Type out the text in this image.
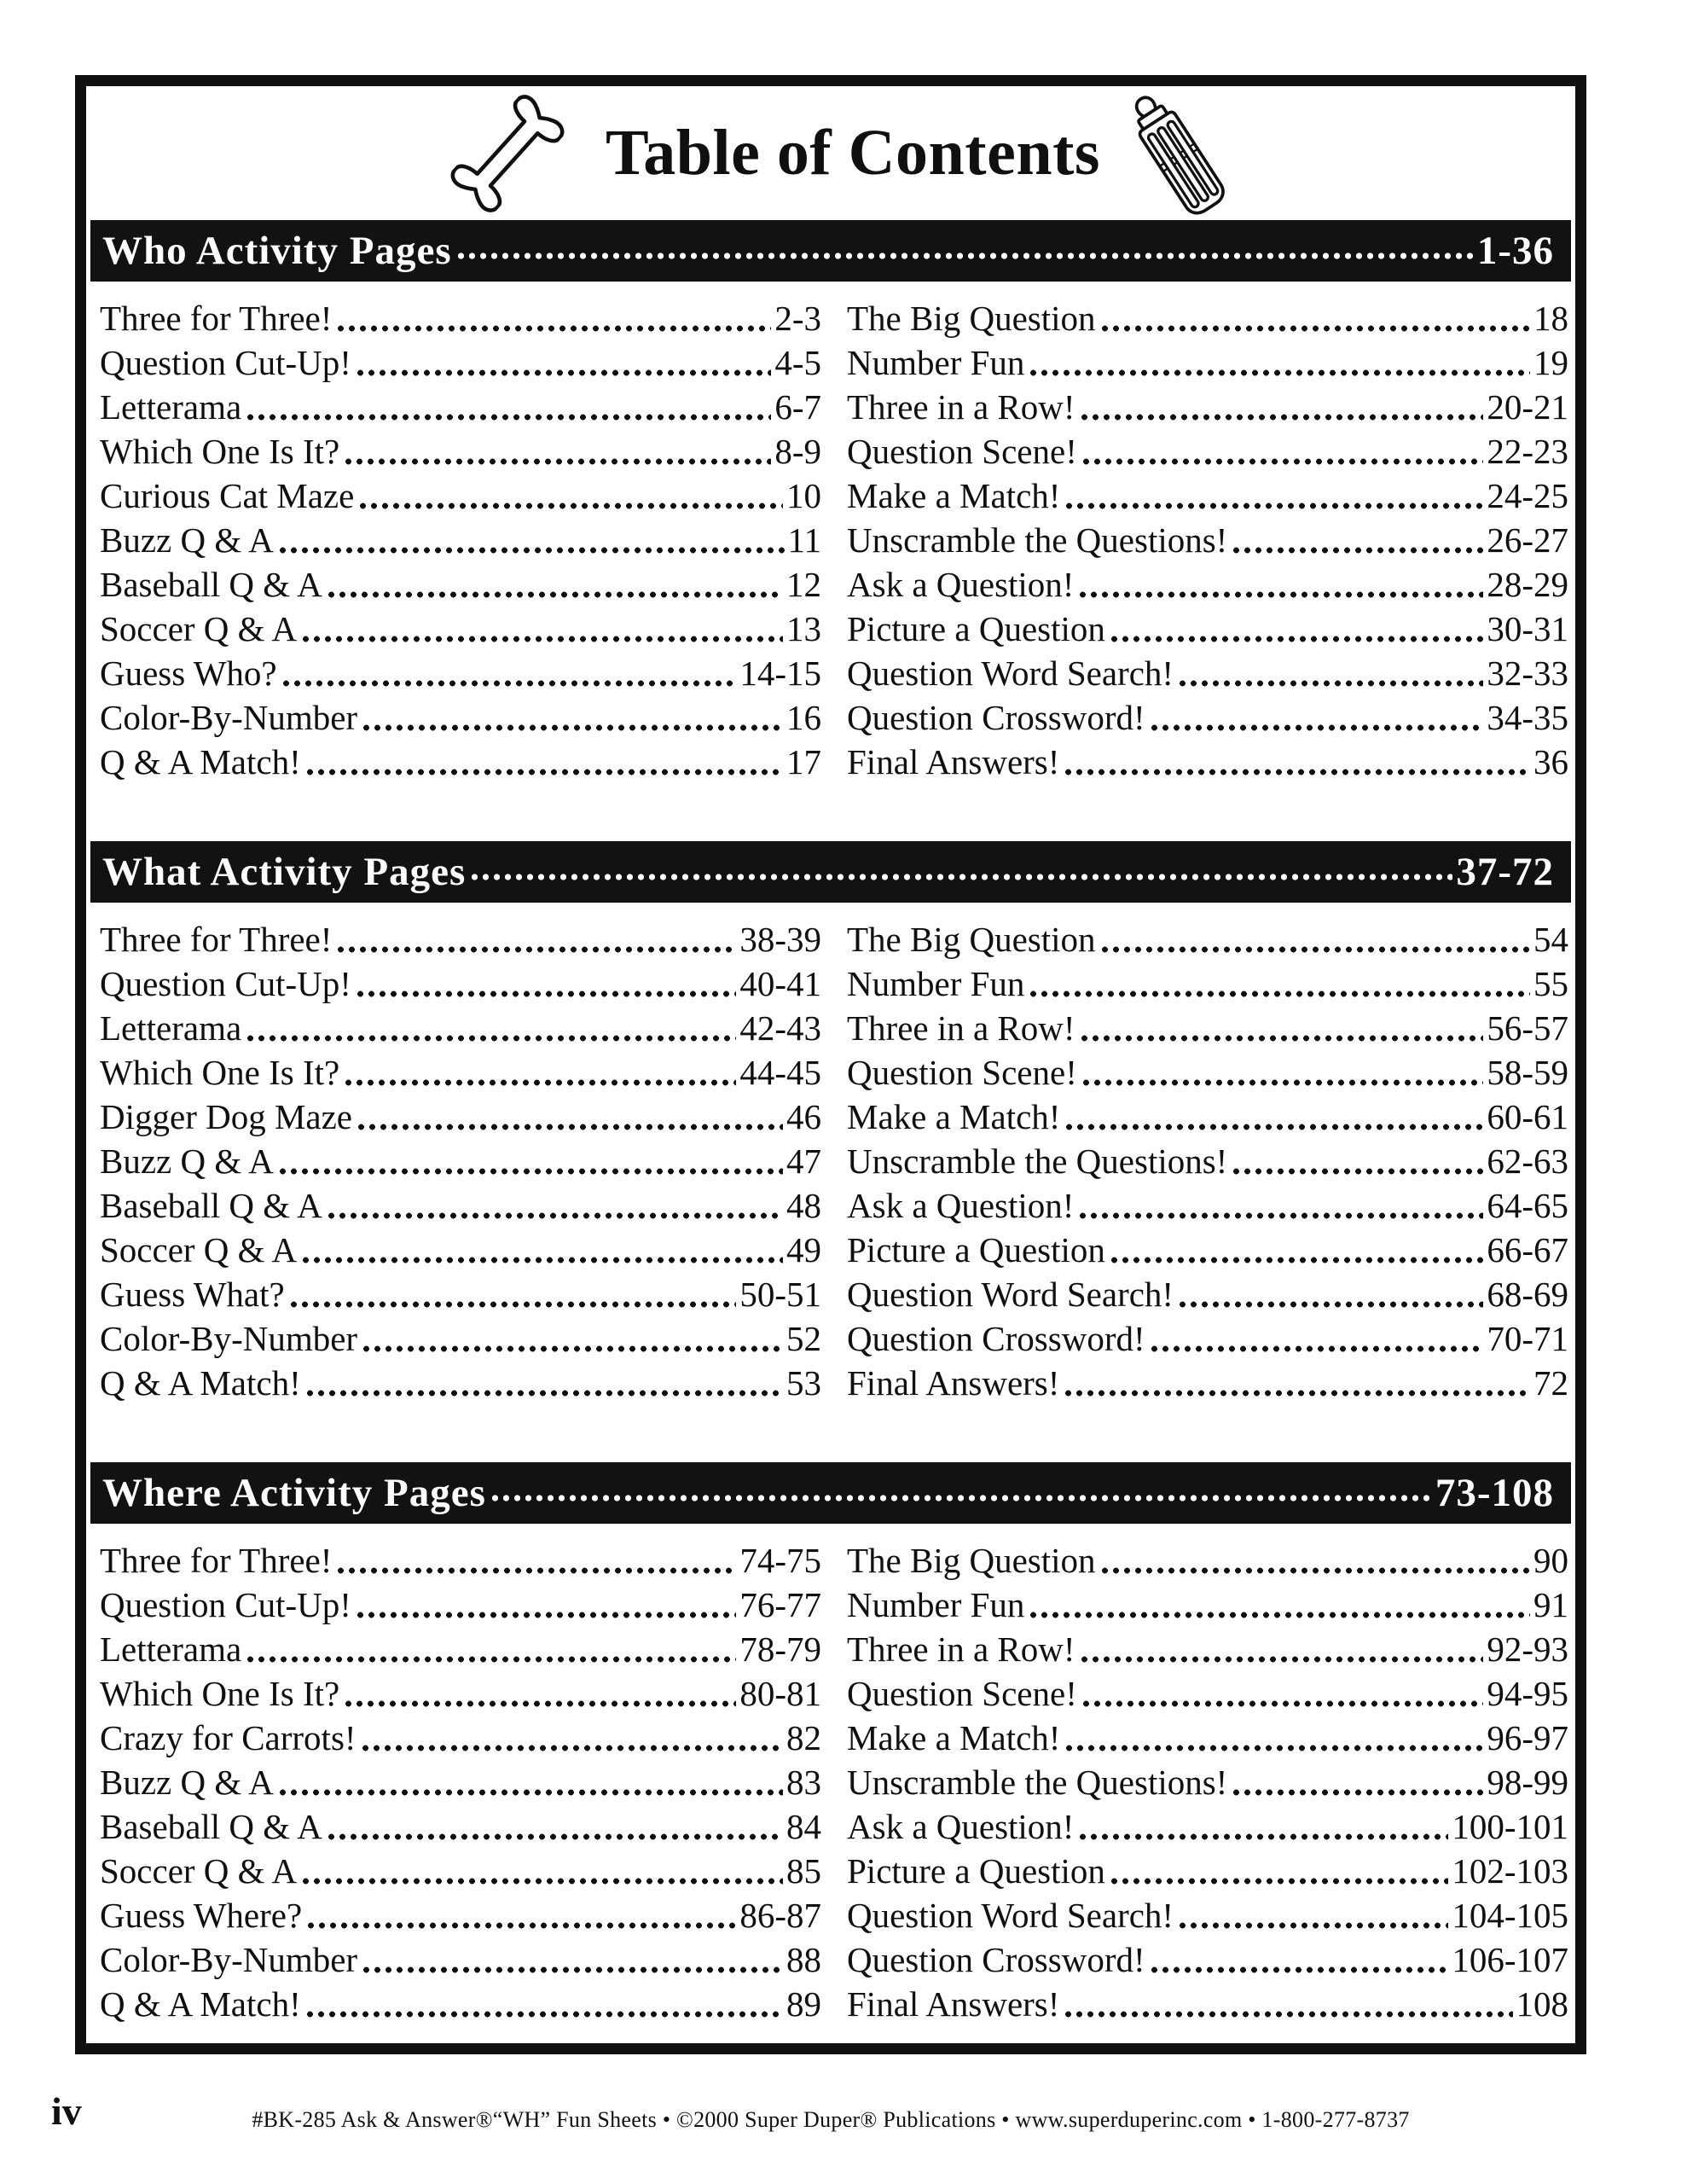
Table of Contents
Who Activity Pages	1-36
Three for Three!	2-3
Question Cut-Up!	4-5
Letterama	6-7
Which One Is It?	8-9
Curious Cat Maze	10
Buzz Q & A	11
Baseball Q & A	12
Soccer Q & A	13
Guess Who?	14-15
Color-By-Number	16
Q & A Match!	17
The Big Question	18
Number Fun	19
Three in a Row!	20-21
Question Scene!	22-23
Make a Match!	24-25
Unscramble the Questions!	26-27
Ask a Question!	28-29
Picture a Question	30-31
Question Word Search!	32-33
Question Crossword!	34-35
Final Answers!	36
What Activity Pages	37-72
Three for Three!	38-39
Question Cut-Up!	40-41
Letterama	42-43
Which One Is It?	44-45
Digger Dog Maze	46
Buzz Q & A	47
Baseball Q & A	48
Soccer Q & A	49
Guess What?	50-51
Color-By-Number	52
Q & A Match!	53
The Big Question	54
Number Fun	55
Three in a Row!	56-57
Question Scene!	58-59
Make a Match!	60-61
Unscramble the Questions!	62-63
Ask a Question!	64-65
Picture a Question	66-67
Question Word Search!	68-69
Question Crossword!	70-71
Final Answers!	72
Where Activity Pages	73-108
Three for Three!	74-75
Question Cut-Up!	76-77
Letterama	78-79
Which One Is It?	80-81
Crazy for Carrots!	82
Buzz Q & A	83
Baseball Q & A	84
Soccer Q & A	85
Guess Where?	86-87
Color-By-Number	88
Q & A Match!	89
The Big Question	90
Number Fun	91
Three in a Row!	92-93
Question Scene!	94-95
Make a Match!	96-97
Unscramble the Questions!	98-99
Ask a Question!	100-101
Picture a Question	102-103
Question Word Search!	104-105
Question Crossword!	106-107
Final Answers!	108
iv	#BK-285 Ask & Answer®“WH” Fun Sheets • ©2000 Super Duper® Publications • www.superduperinc.com • 1-800-277-8737
